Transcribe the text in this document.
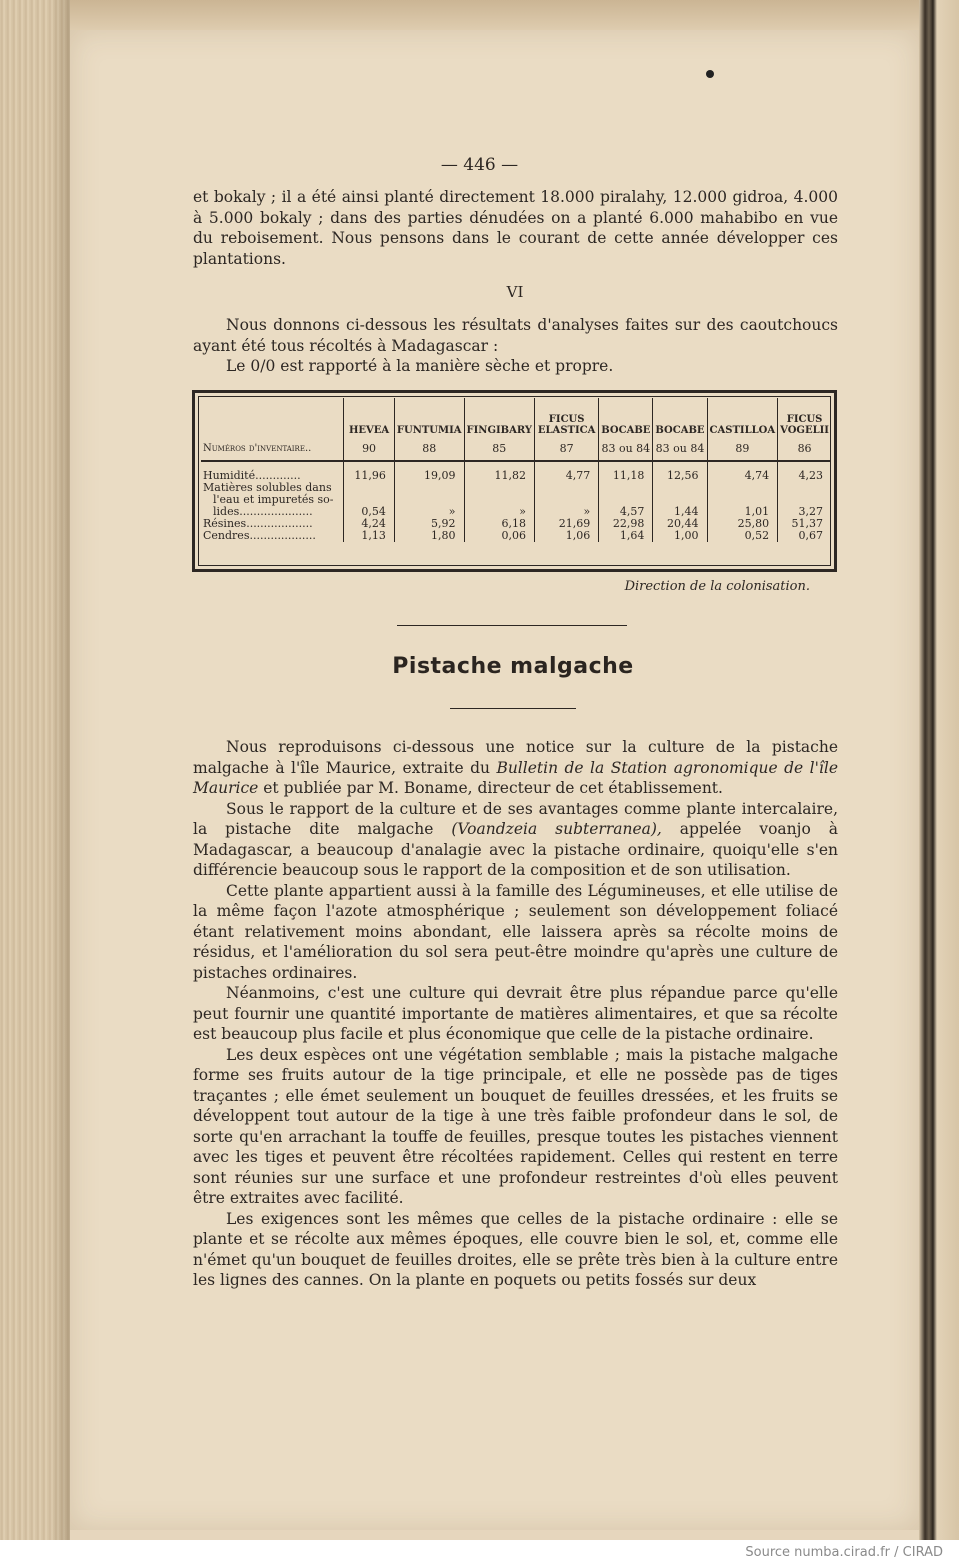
— 446 —

et bokaly ; il a été ainsi planté directement 18.000 piralahy, 12.000 gidroa, 4.000 à 5.000 bokaly ; dans des parties dénudées on a planté 6.000 mahabibo en vue du reboisement. Nous pensons dans le courant de cette année développer ces plantations.

VI

Nous donnons ci-dessous les résultats d'analyses faites sur des caoutchoucs ayant été tous récoltés à Madagascar :

Le 0/0 est rapporté à la manière sèche et propre.

	HEVEA	FUNTUMIA	FINGIBARY	FICUS ELASTICA	BOCABE	BOCABE	CASTILLOA	FICUS VOGELII
Numéros d'inventaire..	90	88	85	87	83 ou 84	83 ou 84	89	86

Humidité.............	11,96	19,09	11,82	4,77	11,18	12,56	4,74	4,23
Matières solubles dans								
l'eau et impuretés so-								
lides.....................	0,54	»	»	»	4,57	1,44	1,01	3,27
Résines...................	4,24	5,92	6,18	21,69	22,98	20,44	25,80	51,37
Cendres...................	1,13	1,80	0,06	1,06	1,64	1,00	0,52	0,67
Direction de la colonisation.
Pistache malgache

Nous reproduisons ci-dessous une notice sur la culture de la pistache malgache à l'île Maurice, extraite du Bulletin de la Station agronomique de l'île Maurice et publiée par M. Boname, directeur de cet établissement.

Sous le rapport de la culture et de ses avantages comme plante intercalaire, la pistache dite malgache (Voandzeia subterranea), appelée voanjo à Madagascar, a beaucoup d'analagie avec la pistache ordinaire, quoiqu'elle s'en différencie beaucoup sous le rapport de la composition et de son utilisation.

Cette plante appartient aussi à la famille des Légumineuses, et elle utilise de la même façon l'azote atmosphérique ; seulement son développement foliacé étant relativement moins abondant, elle laissera après sa récolte moins de résidus, et l'amélioration du sol sera peut-être moindre qu'après une culture de pistaches ordinaires.

Néanmoins, c'est une culture qui devrait être plus répandue parce qu'elle peut fournir une quantité importante de matières alimentaires, et que sa récolte est beaucoup plus facile et plus économique que celle de la pistache ordinaire.

Les deux espèces ont une végétation semblable ; mais la pistache malgache forme ses fruits autour de la tige principale, et elle ne possède pas de tiges traçantes ; elle émet seulement un bouquet de feuilles dressées, et les fruits se développent tout autour de la tige à une très faible profondeur dans le sol, de sorte qu'en arrachant la touffe de feuilles, presque toutes les pistaches viennent avec les tiges et peuvent être récoltées rapidement. Celles qui restent en terre sont réunies sur une surface et une profondeur restreintes d'où elles peuvent être extraites avec facilité.

Les exigences sont les mêmes que celles de la pistache ordinaire : elle se plante et se récolte aux mêmes époques, elle couvre bien le sol, et, comme elle n'émet qu'un bouquet de feuilles droites, elle se prête très bien à la culture entre les lignes des cannes. On la plante en poquets ou petits fossés sur deux

Source numba.cirad.fr / CIRAD
